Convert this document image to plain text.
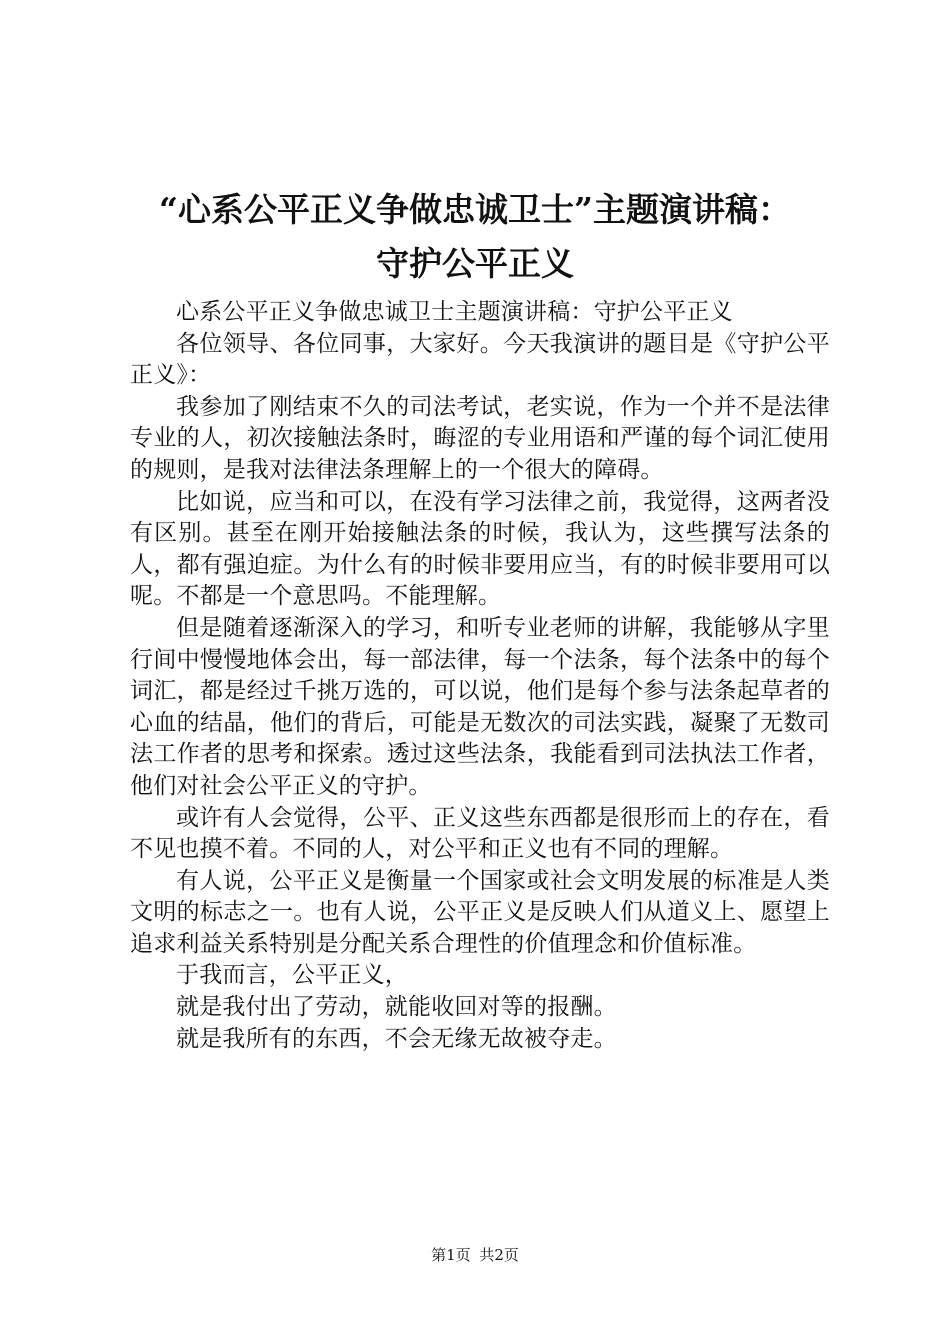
“心系公平正义争做忠诚卫士”主题演讲稿：
守护公平正义

心系公平正义争做忠诚卫士主题演讲稿：守护公平正义

各位领导、各位同事，大家好。今天我演讲的题目是《守护公平正义》：

我参加了刚结束不久的司法考试，老实说，作为一个并不是法律专业的人，初次接触法条时，晦涩的专业用语和严谨的每个词汇使用的规则，是我对法律法条理解上的一个很大的障碍。

比如说，应当和可以，在没有学习法律之前，我觉得，这两者没有区别。甚至在刚开始接触法条的时候，我认为，这些撰写法条的人，都有强迫症。为什么有的时候非要用应当，有的时候非要用可以呢。不都是一个意思吗。不能理解。

但是随着逐渐深入的学习，和听专业老师的讲解，我能够从字里行间中慢慢地体会出，每一部法律，每一个法条，每个法条中的每个词汇，都是经过千挑万选的，可以说，他们是每个参与法条起草者的心血的结晶，他们的背后，可能是无数次的司法实践，凝聚了无数司法工作者的思考和探索。透过这些法条，我能看到司法执法工作者，他们对社会公平正义的守护。

或许有人会觉得，公平、正义这些东西都是很形而上的存在，看不见也摸不着。不同的人，对公平和正义也有不同的理解。

有人说，公平正义是衡量一个国家或社会文明发展的标准是人类文明的标志之一。也有人说，公平正义是反映人们从道义上、愿望上追求利益关系特别是分配关系合理性的价值理念和价值标准。

于我而言，公平正义，

就是我付出了劳动，就能收回对等的报酬。

就是我所有的东西，不会无缘无故被夺走。

第1页 共2页
